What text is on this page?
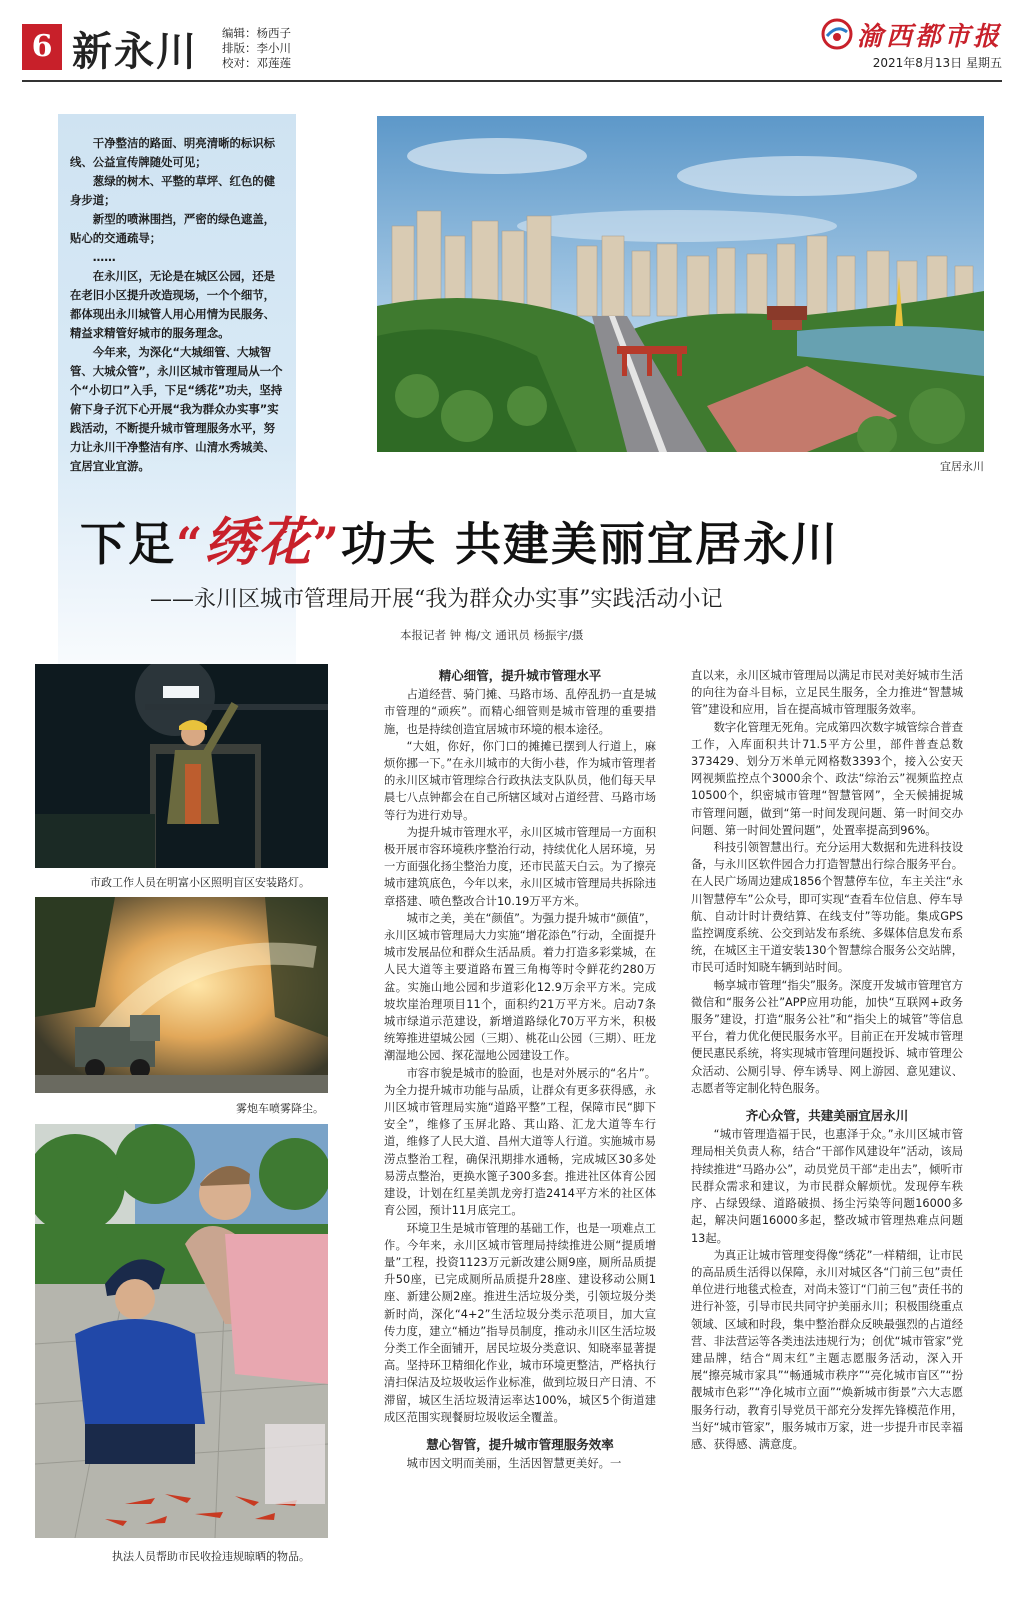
6 新永川 编辑：杨西子
排版：李小川
校对：邓莲莲
渝西都市报
2021年8月13日 星期五

干净整洁的路面、明亮清晰的标识标线、公益宣传牌随处可见；

葱绿的树木、平整的草坪、红色的健身步道；

新型的喷淋围挡，严密的绿色遮盖，贴心的交通疏导；

……

在永川区，无论是在城区公园，还是在老旧小区提升改造现场，一个个细节，都体现出永川城管人用心用情为民服务、精益求精管好城市的服务理念。

今年来，为深化“大城细管、大城智管、大城众管”，永川区城市管理局从一个个“小切口”入手，下足“绣花”功夫，坚持俯下身子沉下心开展“我为群众办实事”实践活动，不断提升城市管理服务水平，努力让永川干净整洁有序、山清水秀城美、宜居宜业宜游。	宜居永川
下足“绣花”功夫 共建美丽宜居永川
——永川区城市管理局开展“我为群众办实事”实践活动小记
本报记者 钟 梅/文 通讯员 杨振宇/摄
市政工作人员在明富小区照明盲区安装路灯。
雾炮车喷雾降尘。
执法人员帮助市民收捡违规晾晒的物品。
精心细管，提升城市管理水平

占道经营、骑门摊、马路市场、乱停乱扔一直是城市管理的“顽疾”。而精心细管则是城市管理的重要措施，也是持续创造宜居城市环境的根本途径。

“大姐，你好，你门口的摊摊已摆到人行道上，麻烦你挪一下。”在永川城市的大街小巷，作为城市管理者的永川区城市管理综合行政执法支队队员，他们每天早晨七八点钟都会在自己所辖区域对占道经营、马路市场等行为进行劝导。

为提升城市管理水平，永川区城市管理局一方面积极开展市容环境秩序整治行动，持续优化人居环境，另一方面强化扬尘整治力度，还市民蓝天白云。为了擦亮城市建筑底色，今年以来，永川区城市管理局共拆除违章搭建、喷色整改合计10.19万平方米。

城市之美，美在“颜值”。为强力提升城市“颜值”，永川区城市管理局大力实施“增花添色”行动，全面提升城市发展品位和群众生活品质。着力打造多彩棠城，在人民大道等主要道路布置三角梅等时令鲜花约280万盆。实施山地公园和步道彩化12.9万余平方米。完成坡坎崖治理项目11个，面积约21万平方米。启动7条城市绿道示范建设，新增道路绿化70万平方米，积极统筹推进望城公园（三期）、桃花山公园（三期）、旺龙潮湿地公园、探花湿地公园建设工作。

市容市貌是城市的脸面，也是对外展示的“名片”。为全力提升城市功能与品质，让群众有更多获得感，永川区城市管理局实施“道路平整”工程，保障市民“脚下安全”，维修了玉屏北路、萁山路、汇龙大道等车行道，维修了人民大道、昌州大道等人行道。实施城市易涝点整治工程，确保汛期排水通畅，完成城区30多处易涝点整治，更换水篦子300多套。推进社区体育公园建设，计划在红星美凯龙旁打造2414平方米的社区体育公园，预计11月底完工。

环境卫生是城市管理的基础工作，也是一项难点工作。今年来，永川区城市管理局持续推进公厕“提质增量”工程，投资1123万元新改建公厕9座，厕所品质提升50座，已完成厕所品质提升28座、建设移动公厕1座、新建公厕2座。推进生活垃圾分类，引领垃圾分类新时尚，深化“4+2”生活垃圾分类示范项目，加大宣传力度，建立“桶边”指导员制度，推动永川区生活垃圾分类工作全面铺开，居民垃圾分类意识、知晓率显著提高。坚持环卫精细化作业，城市环境更整洁，严格执行清扫保洁及垃圾收运作业标准，做到垃圾日产日清、不滞留，城区生活垃圾清运率达100%，城区5个街道建成区范围实现餐厨垃圾收运全覆盖。

慧心智管，提升城市管理服务效率

城市因文明而美丽，生活因智慧更美好。一

直以来，永川区城市管理局以满足市民对美好城市生活的向往为奋斗目标，立足民生服务，全力推进“智慧城管”建设和应用，旨在提高城市管理服务效率。

数字化管理无死角。完成第四次数字城管综合普查工作，入库面积共计71.5平方公里，部件普查总数373429、划分万米单元网格数3393个，接入公安天网视频监控点个3000余个、政法“综治云”视频监控点10500个，织密城市管理“智慧管网”，全天候捕捉城市管理问题，做到“第一时间发现问题、第一时间交办问题、第一时间处置问题”，处置率提高到96%。

科技引领智慧出行。充分运用大数据和先进科技设备，与永川区软件园合力打造智慧出行综合服务平台。在人民广场周边建成1856个智慧停车位，车主关注“永川智慧停车”公众号，即可实现“查看车位信息、停车导航、自动计时计费结算、在线支付”等功能。集成GPS监控调度系统、公交到站发布系统、多媒体信息发布系统，在城区主干道安装130个智慧综合服务公交站牌，市民可适时知晓车辆到站时间。

畅享城市管理“指尖”服务。深度开发城市管理官方微信和“服务公社”APP应用功能，加快“互联网+政务服务”建设，打造“服务公社”和“指尖上的城管”等信息平台，着力优化便民服务水平。目前正在开发城市管理便民惠民系统，将实现城市管理问题投诉、城市管理公众活动、公厕引导、停车诱导、网上游园、意见建议、志愿者等定制化特色服务。

齐心众管，共建美丽宜居永川

“城市管理造福于民，也惠泽于众。”永川区城市管理局相关负责人称，结合“干部作风建设年”活动，该局持续推进“马路办公”，动员党员干部“走出去”，倾听市民群众需求和建议，为市民群众解烦忧。发现停车秩序、占绿毁绿、道路破损、扬尘污染等问题16000多起，解决问题16000多起，整改城市管理热难点问题13起。

为真正让城市管理变得像“绣花”一样精细，让市民的高品质生活得以保障，永川对城区各“门前三包”责任单位进行地毯式检查，对尚未签订“门前三包”责任书的进行补签，引导市民共同守护美丽永川；积极围绕重点领域、区域和时段，集中整治群众反映最强烈的占道经营、非法营运等各类违法违规行为；创优“城市管家”党建品牌，结合“周末红”主题志愿服务活动，深入开展“擦亮城市家具”“畅通城市秩序”“亮化城市盲区”“扮靓城市色彩”“净化城市立面”“焕新城市街景”六大志愿服务行动，教育引导党员干部充分发挥先锋模范作用，当好“城市管家”，服务城市万家，进一步提升市民幸福感、获得感、满意度。
